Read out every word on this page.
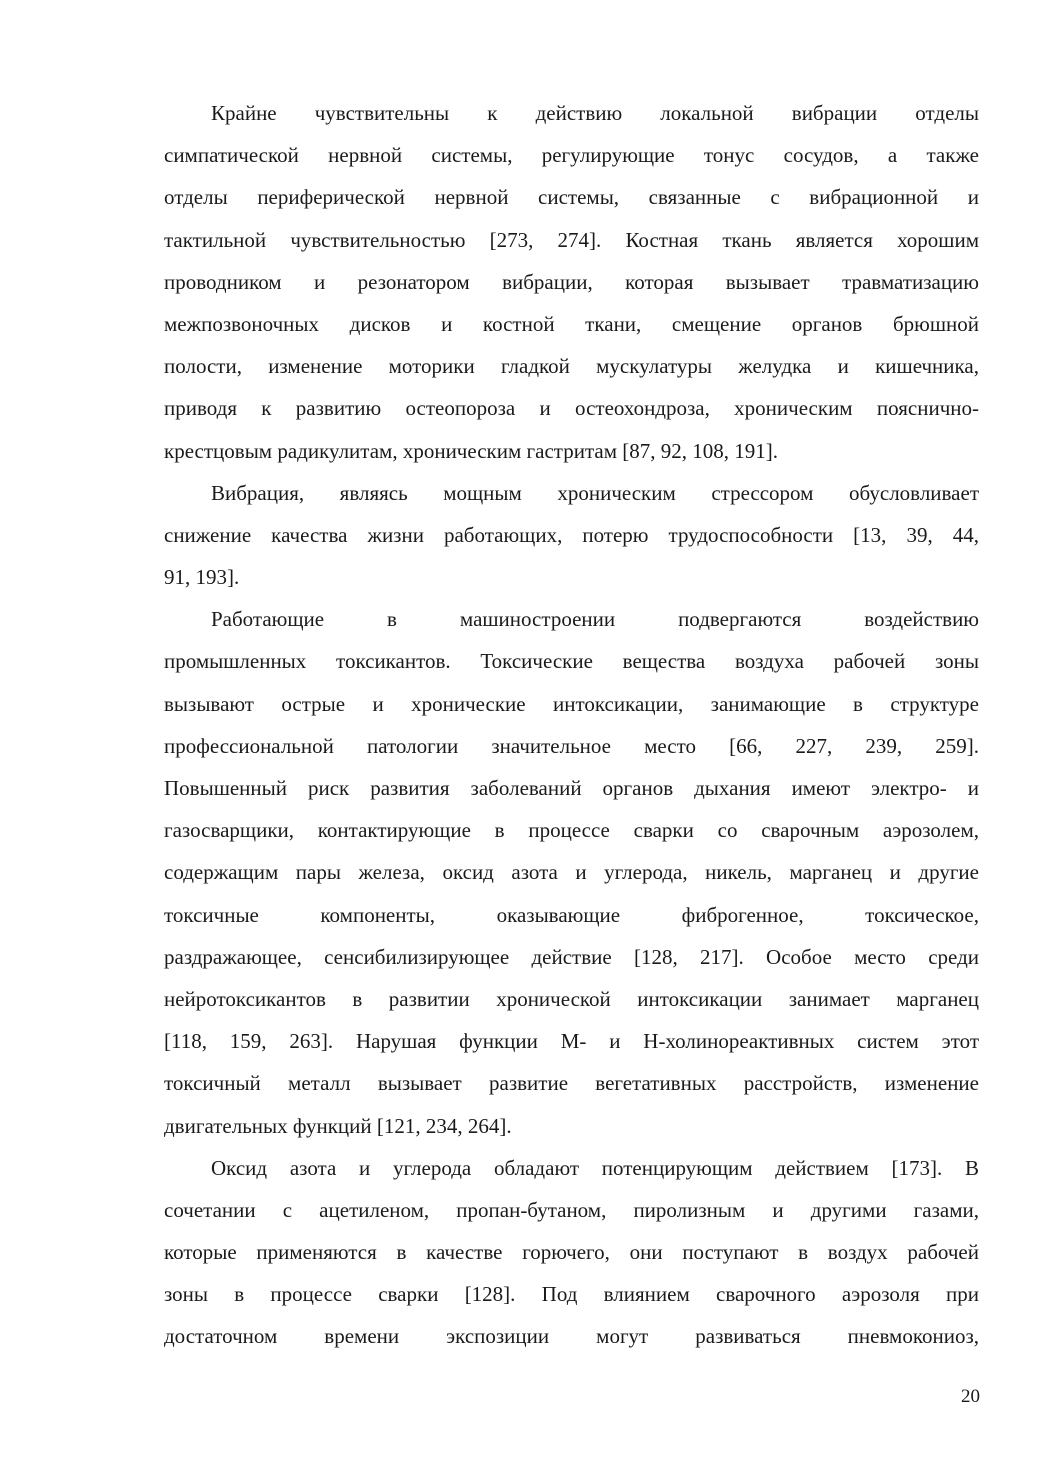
Крайне чувствительны к действию локальной вибрации отделы
симпатической нервной системы, регулирующие тонус сосудов, а также
отделы периферической нервной системы, связанные с вибрационной и
тактильной чувствительностью [273, 274]. Костная ткань является хорошим
проводником и резонатором вибрации, которая вызывает травматизацию
межпозвоночных дисков и костной ткани, смещение органов брюшной
полости, изменение моторики гладкой мускулатуры желудка и кишечника,
приводя к развитию остеопороза и остеохондроза, хроническим пояснично-
крестцовым радикулитам, хроническим гастритам [87, 92, 108, 191].

Вибрация, являясь мощным хроническим стрессором обусловливает
снижение качества жизни работающих, потерю трудоспособности [13, 39, 44,
91, 193].

Работающие в машиностроении подвергаются воздействию
промышленных токсикантов. Токсические вещества воздуха рабочей зоны
вызывают острые и хронические интоксикации, занимающие в структуре
профессиональной патологии значительное место [66, 227, 239, 259].
Повышенный риск развития заболеваний органов дыхания имеют электро- и
газосварщики, контактирующие в процессе сварки со сварочным аэрозолем,
содержащим пары железа, оксид азота и углерода, никель, марганец и другие
токсичные компоненты, оказывающие фиброгенное, токсическое,
раздражающее, сенсибилизирующее действие [128, 217]. Особое место среди
нейротоксикантов в развитии хронической интоксикации занимает марганец
[118, 159, 263]. Нарушая функции М- и Н-холинореактивных систем этот
токсичный металл вызывает развитие вегетативных расстройств, изменение
двигательных функций [121, 234, 264].

Оксид азота и углерода обладают потенцирующим действием [173]. В
сочетании с ацетиленом, пропан-бутаном, пиролизным и другими газами,
которые применяются в качестве горючего, они поступают в воздух рабочей
зоны в процессе сварки [128]. Под влиянием сварочного аэрозоля при
достаточном времени экспозиции могут развиваться пневмокониоз,

20
